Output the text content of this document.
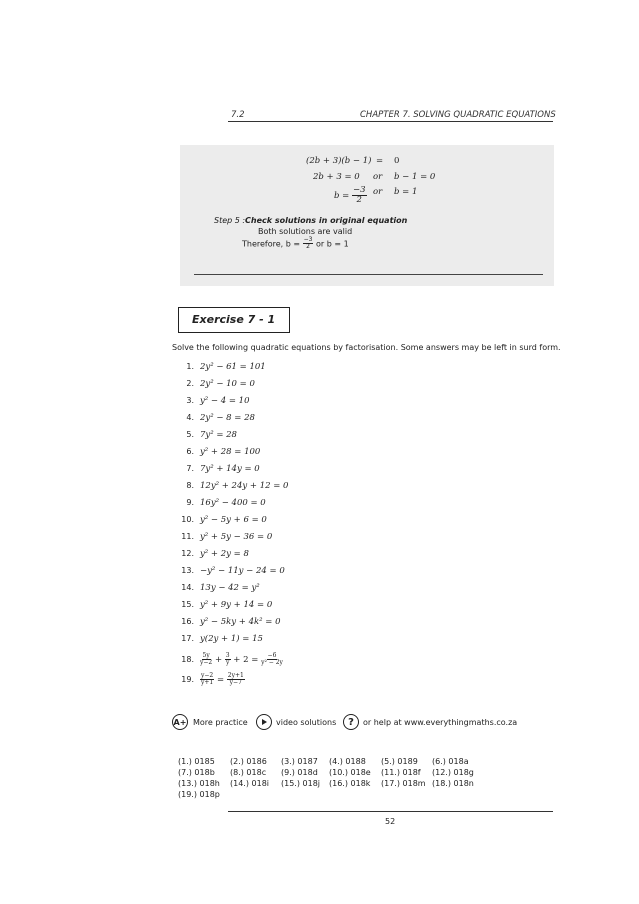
7.2	CHAPTER 7. SOLVING QUADRATIC EQUATIONS
(2b + 3)(b − 1) = 0
2b + 3 = 0 or b − 1 = 0
$b = \frac{-3}{2}$ or b = 1
Step 5 : Check solutions in original equation
Both solutions are valid
Therefore, $b = \frac{-3}{2}$ or b = 1
Exercise 7 - 1
Solve the following quadratic equations by factorisation. Some answers may be left in surd form.
1. 2y² − 61 = 101
2. 2y² − 10 = 0
3. y² − 4 = 10
4. 2y² − 8 = 28
5. 7y² = 28
6. y² + 28 = 100
7. 7y² + 14y = 0
8. 12y² + 24y + 12 = 0
9. 16y² − 400 = 0
10. y² − 5y + 6 = 0
11. y² + 5y − 36 = 0
12. y² + 2y = 8
13. −y² − 11y − 24 = 0
14. 13y − 42 = y²
15. y² + 9y + 14 = 0
16. y² − 5ky + 4k² = 0
17. y(2y + 1) = 15
18. $\frac{5y}{y-2} + \frac{3}{y} + 2 = \frac{-6}{\text{y² − 2y}}$
19. $\frac{y-2}{y+1} = \frac{2y+1}{y-7}$
A+ More practice	video solutions	?	or help at www.everythingmaths.co.za
(1.) 0185 (2.) 0186 (3.) 0187 (4.) 0188 (5.) 0189 (6.) 018a
(7.) 018b (8.) 018c (9.) 018d (10.) 018e (11.) 018f (12.) 018g
(13.) 018h (14.) 018i (15.) 018j (16.) 018k (17.) 018m (18.) 018n
(19.) 018p
52
